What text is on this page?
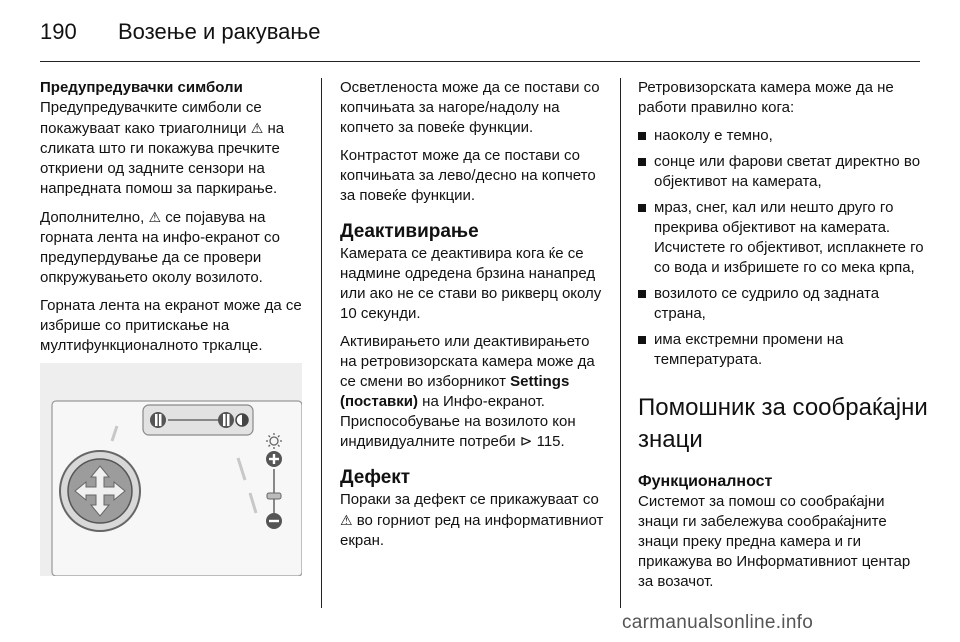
190 Возење и ракување
Предупредувачки симболи

Предупредувачките симболи се покажуваат како триаголници ⚠ на сликата што ги покажува пречките откриени од задните сензори на напредната помош за паркирање.

Дополнително, ⚠ се појавува на горната лента на инфо-екранот со предупердување да се провери опкружувањето околу возилото.

Горната лента на екранот може да се избрише со притискање на мултифункционалното тркалце.

Осветленоста може да се постави со копчињата за нагоре/надолу на копчето за повеќе функции.

Контрастот може да се постави со копчињата за лево/десно на копчето за повеќе функции.

Деактивирање

Камерата се деактивира кога ќе се надмине одредена брзина нанапред или ако не се стави во рикверц околу 10 секунди.

Активирањето или деактивирањето на ретровизорската камера може да се смени во изборникот Settings (поставки) на Инфо-екранот. Приспособување на возилото кон индивидуалните потреби ⊳ 115.

Дефект

Пораки за дефект се прикажуваат со ⚠ во горниот ред на информативниот екран.

Ретровизорската камера може да не работи правилно кога:

наоколу е темно,
сонце или фарови светат директно во објективот на камерата,
мраз, снег, кал или нешто друго го прекрива објективот на камерата. Исчистете го објективот, исплакнете го со вода и избришете го со мека крпа,
возилото се судрило од задната страна,
има екстремни промени на температурата.
Помошник за сообраќајни знаци
Функционалност

Системот за помош со сообраќајни знаци ги забележува сообраќајните знаци преку предна камера и ги прикажува во Информативниот центар за возачот.

carmanualsonline.info
